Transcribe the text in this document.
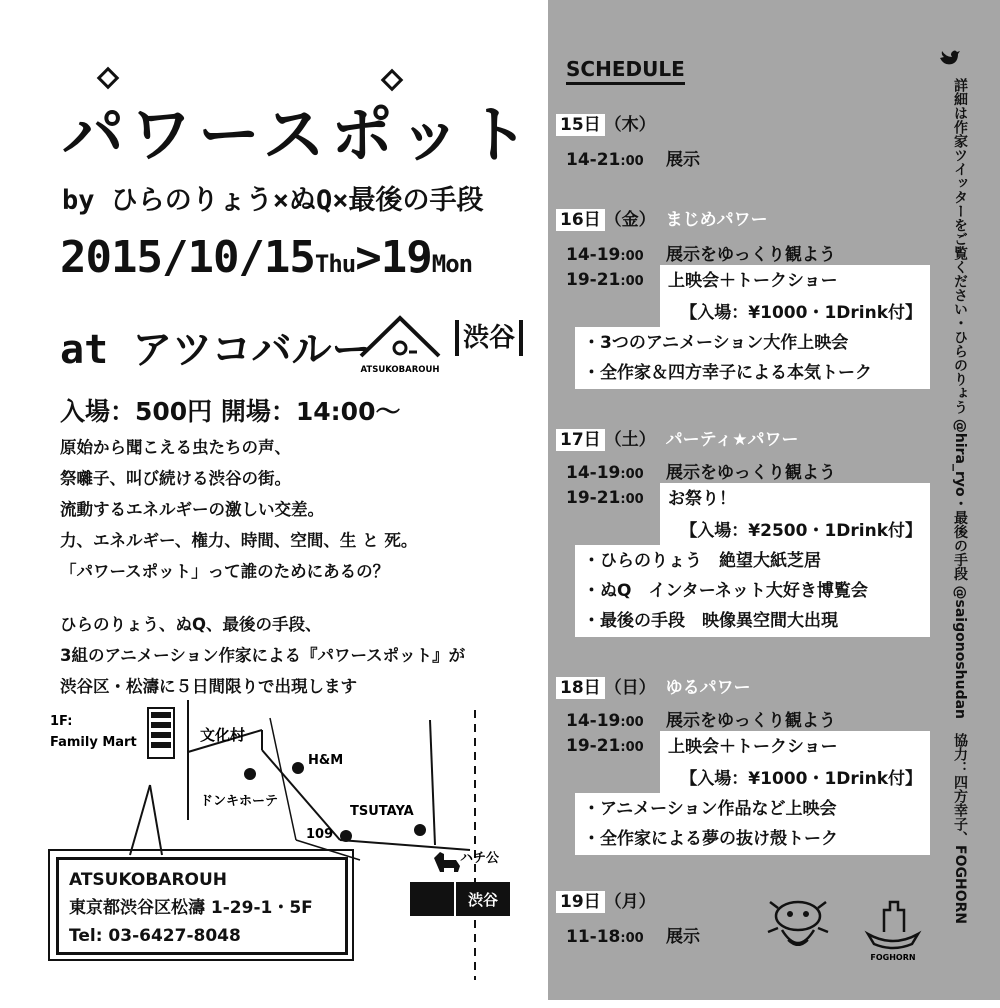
パワースポット
by ひらのりょう×ぬQ×最後の手段
2015/10/15Thu>19Mon
at アツコバルー
ATSUKOBAROUH
渋谷
入場：500円 開場：14:00～

原始から聞こえる虫たちの声、

祭囃子、叫び続ける渋谷の街。

流動するエネルギーの激しい交差。

力、エネルギー、権力、時間、空間、生 と 死。

「パワースポット」って誰のためにあるの？

ひらのりょう、ぬQ、最後の手段、

3組のアニメーション作家による『パワースポット』が

渋谷区・松濤に５日間限りで出現します

1F:
Family Mart	文化村
H&M
ドンキホーテ
TSUTAYA
109
ハチ公
渋谷
ATSUKOBAROUH
東京都渋谷区松濤 1-29-1・5F
Tel: 03-6427-8048
SCHEDULE
15日 （木）
14-21:00 展示
16日 （金） まじめパワー
14-19:00 展示をゆっくり観よう
19-21:00	上映会＋トークショー
【入場：¥1000・1Drink付】
・3つのアニメーション大作上映会
・全作家＆四方幸子による本気トーク
17日 （土） パーティ★パワー
14-19:00 展示をゆっくり観よう
19-21:00	お祭り！
【入場：¥2500・1Drink付】
・ひらのりょう　絶望大紙芝居
・ぬQ　インターネット大好き博覧会
・最後の手段　映像異空間大出現
18日 （日） ゆるパワー
14-19:00 展示をゆっくり観よう
19-21:00	上映会＋トークショー
【入場：¥1000・1Drink付】
・アニメーション作品など上映会
・全作家による夢の抜け殻トーク
19日 （月）
11-18:00 展示
FOGHORN
詳細は作家ツイッターをご覧ください・ひらのりょう @hira_ryo・最後の手段 @saigonoshudan　協力：四方幸子、FOGHORN
